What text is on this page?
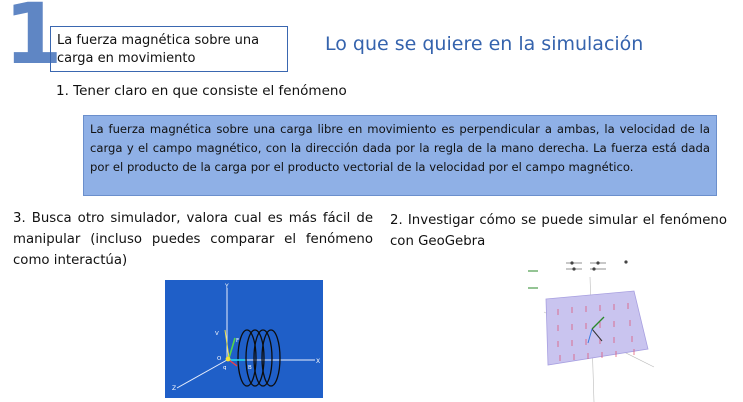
1
La fuerza magnética sobre una carga en movimiento
Lo que se quiere en la simulación
1. Tener claro en que consiste el fenómeno
La fuerza magnética sobre una carga libre en movimiento es perpendicular a ambas, la velocidad de la carga y el campo magnético, con la dirección dada por la regla de la mano derecha. La fuerza está dada por el producto de la carga por el producto vectorial de la velocidad por el campo magnético.
3. Busca otro simulador, valora cual es más fácil de manipular (incluso puedes comparar el fenómeno como interactúa)
2. Investigar cómo se puede simular el fenómeno con GeoGebra
Y
X
Z
O
q
F
V
B
